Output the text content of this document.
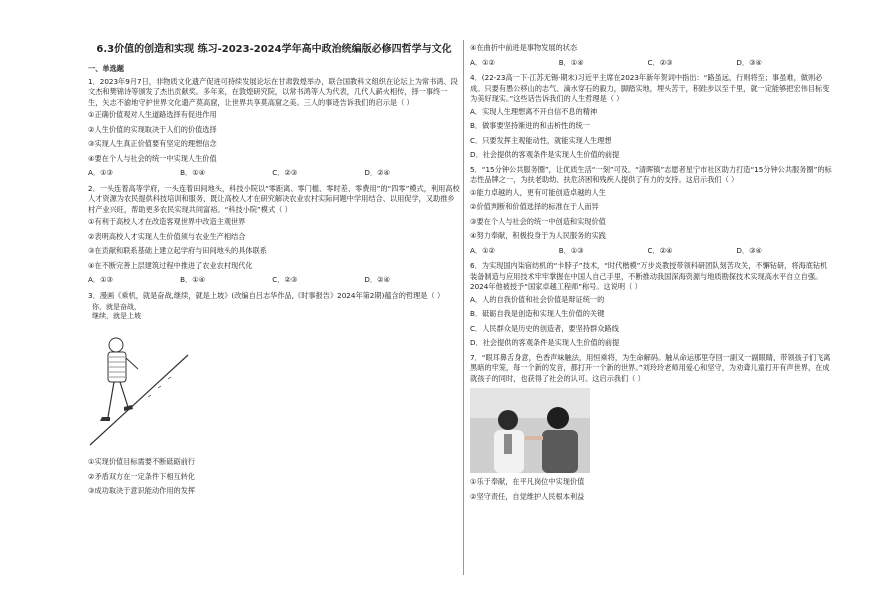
6.3价值的创造和实现 练习-2023-2024学年高中政治统编版必修四哲学与文化
一、单选题
1．2023年9月7日，非物质文化遗产促进可持续发展论坛在甘肃敦煌举办，联合国教科文组织在论坛上为常书鸿、段文杰和樊锦诗等颁发了杰出贡献奖。多年来，在敦煌研究院，以常书鸿等人为代表，几代人薪火相传，择一事终一生，矢志不渝地守护世界文化遗产莫高窟，让世界共享莫高窟之美。三人的事迹告诉我们的启示是（ ）
①正确价值观对人生道路选择有促进作用
②人生价值的实现取决于人们的价值选择
③实现人生真正价值要有坚定的理想信念
④要在个人与社会的统一中实现人生价值
A．①③	B．①④	C．②③	D．②④
2．一头连着高等学府，一头连着田间地头，科技小院以“零距离、零门槛、零时差、零费用”的“四零”模式，利用高校人才资源为农民提供科技培训和服务，既让高校人才在研究解决农业农村实际问题中学用结合、以用促学，又助推乡村产业兴旺，帮助更多农民实现共同富裕。“科技小院”模式（ ）
①有利于高校人才在改造客观世界中改造主观世界
②表明高校人才实现人生价值须与农业生产相结合
③在贡献和联系基础上建立起学府与田间地头的具体联系
④在不断完善上层建筑过程中推进了农业农村现代化
A．①③	B．①④	C．②③	D．②④
3．漫画《乘机，就是奋战,继续，就是上坡》(改编自吕志华作品,《时事报告》2024年第2期)蕴含的哲理是（ ）
你，就是奋战，
继续，就是上坡
①实现价值目标需要不断砥砺前行
②矛盾双方在一定条件下相互转化
③成功取决于意识能动作用的发挥
④在曲折中前进是事物发展的状态
A．①②	B．①④	C．②③	D．③④
4．(22-23高一下·江苏无锡·期末)习近平主席在2023年新年贺词中指出：“路虽远，行则将至；事虽难，做则必成。只要有愚公移山的志气、滴水穿石的毅力，脚踏实地，埋头苦干，积跬步以至千里，就一定能够把宏伟目标变为美好现实。”这些话告诉我们的人生哲理是（ ）
A．实现人生理想离不开自信不息的精神
B．做事要坚持渐进的和击析性的统一
C．只要发挥主观能动性，就能实现人生理想
D．社会提供的客观条件是实现人生价值的前提
5．“15分钟公共服务圈”，让优质生活“一刻”可及。“清晖镇”志愿者星宁市社区助力打造“15分钟公共服务圈”的标志性品牌之一，为扶老助幼、扶危济困和残疾人提供了有力的支持。这启示我们（ ）
①能力卓越的人，更有可能创造卓越的人生
②价值判断和价值选择的标准在于人而异
③要在个人与社会的统一中创造和实现价值
④努力奉献，积极投身于为人民服务的实践
A．①②	B．①③	C．②④	D．③④
6．为实现国内柒宿纺机的“卡脖子”技术，“时代楷模”万步炎教授带领科研团队刻苦攻关，不懈钻研，将海底钻机装备制造与应用技术牢牢掌握在中国人自己手里，不断推动我国深海资源与地质勘探技术实现高水平自立自强。2024年他被授予“国家卓越工程师”称号。这说明（ ）
A．人的自我价值和社会价值是辩证统一的
B．砥砺自我是创造和实现人生价值的关键
C．人民群众是历史的创造者，要坚持群众路线
D．社会提供的客观条件是实现人生价值的前提
7．“眼耳鼻舌身意，色香声味触法，用恒乘将，为生命解码。触从命运那里夺回一副又一副眼睛，带领孩子们飞离黑暗的牢笼，每一个新的发音，都打开一个新的世界。”刘玲玲老师用爱心和坚守，为劝聋儿童打开有声世界，在成就孩子的同时，也获得了社会的认可。这启示我们（ ）
①乐于奉献，在平凡岗位中实现价值
②坚守责任，自觉维护人民根本利益
